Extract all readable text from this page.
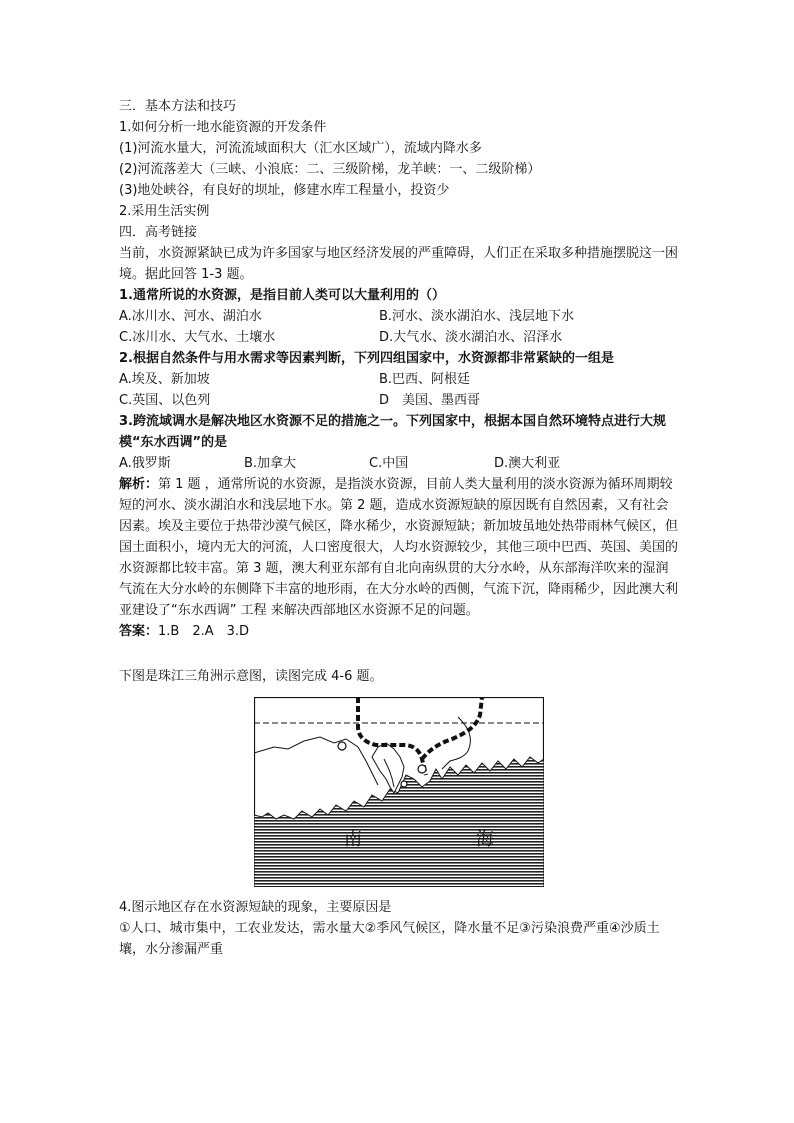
三．基本方法和技巧
1.如何分析一地水能资源的开发条件
(1)河流水量大，河流流域面积大（汇水区域广），流域内降水多
(2)河流落差大（三峡、小浪底：二、三级阶梯，龙羊峡：一、二级阶梯）
(3)地处峡谷，有良好的坝址，修建水库工程量小，投资少
2.采用生活实例
四．高考链接
当前，水资源紧缺已成为许多国家与地区经济发展的严重障碍，人们正在采取多种措施摆脱这一困境。据此回答 1-3 题。
1.通常所说的水资源，是指目前人类可以大量利用的（）
A.冰川水、河水、湖泊水	B.河水、淡水湖泊水、浅层地下水
C.冰川水、大气水、土壤水	D.大气水、淡水湖泊水、沼泽水
2.根据自然条件与用水需求等因素判断，下列四组国家中，水资源都非常紧缺的一组是
A.埃及、新加坡	B.巴西、阿根廷
C.英国、以色列	D　美国、墨西哥
3.跨流域调水是解决地区水资源不足的措施之一。下列国家中，根据本国自然环境特点进行大规模“东水西调”的是
A.俄罗斯	B.加拿大	C.中国	D.澳大利亚
解析：第 1 题 ，通常所说的水资源，是指淡水资源，目前人类大量利用的淡水资源为循环周期较短的河水、淡水湖泊水和浅层地下水。第 2 题，造成水资源短缺的原因既有自然因素，又有社会因素。埃及主要位于热带沙漠气候区，降水稀少，水资源短缺；新加坡虽地处热带雨林气候区，但国土面积小，境内无大的河流，人口密度很大，人均水资源较少，其他三项中巴西、英国、美国的水资源都比较丰富。第 3 题，澳大利亚东部有自北向南纵贯的大分水岭，从东部海洋吹来的湿润气流在大分水岭的东侧降下丰富的地形雨，在大分水岭的西侧，气流下沉，降雨稀少，因此澳大利亚建设了“东水西调” 工程 来解决西部地区水资源不足的问题。
答案：1.B　2.A　3.D
下图是珠江三角洲示意图，读图完成 4-6 题。
南	海
4.图示地区存在水资源短缺的现象，主要原因是
①人口、城市集中，工农业发达，需水量大②季风气候区，降水量不足③污染浪费严重④沙质土壤，水分渗漏严重
